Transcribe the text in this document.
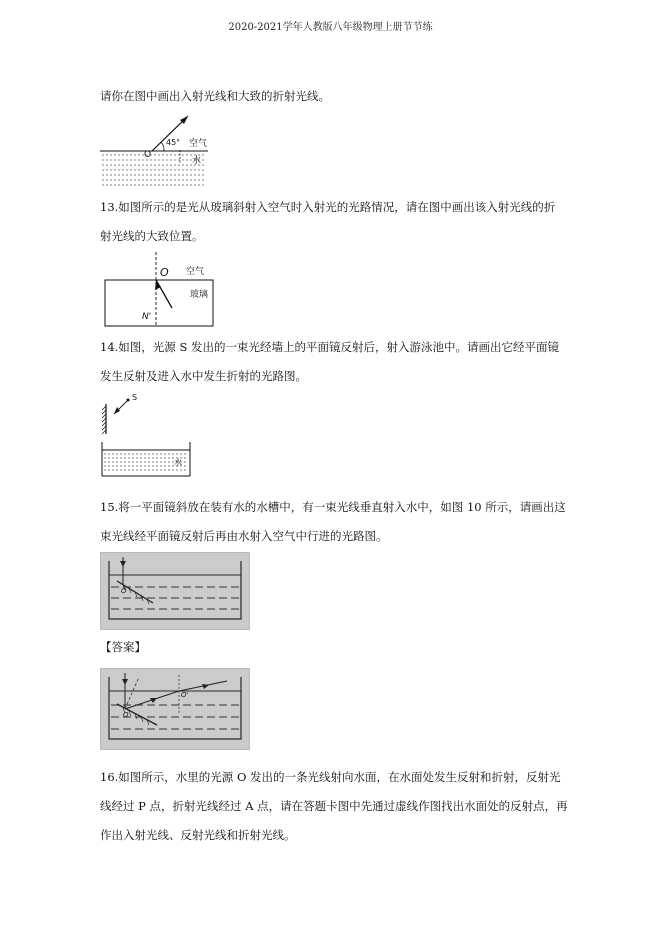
2020-2021学年人教版八年级物理上册节节练
请你在图中画出入射光线和大致的折射光线。
45° 空气
水
O
13.如图所示的是光从玻璃斜射入空气时入射光的光路情况，请在图中画出该入射光线的折
射光线的大致位置。
O 空气
玻璃
N'
14.如图，光源 S 发出的一束光经墙上的平面镜反射后，射入游泳池中。请画出它经平面镜
发生反射及进入水中发生折射的光路图。
S
水
15.将一平面镜斜放在装有水的水槽中，有一束光线垂直射入水中，如图 10 所示，请画出这
束光线经平面镜反射后再由水射入空气中行进的光路图。
O
【答案】
O
O'
16.如图所示，水里的光源 O 发出的一条光线射向水面，在水面处发生反射和折射，反射光
线经过 P 点，折射光线经过 A 点，请在答题卡图中先通过虚线作图找出水面处的反射点，再
作出入射光线、反射光线和折射光线。
